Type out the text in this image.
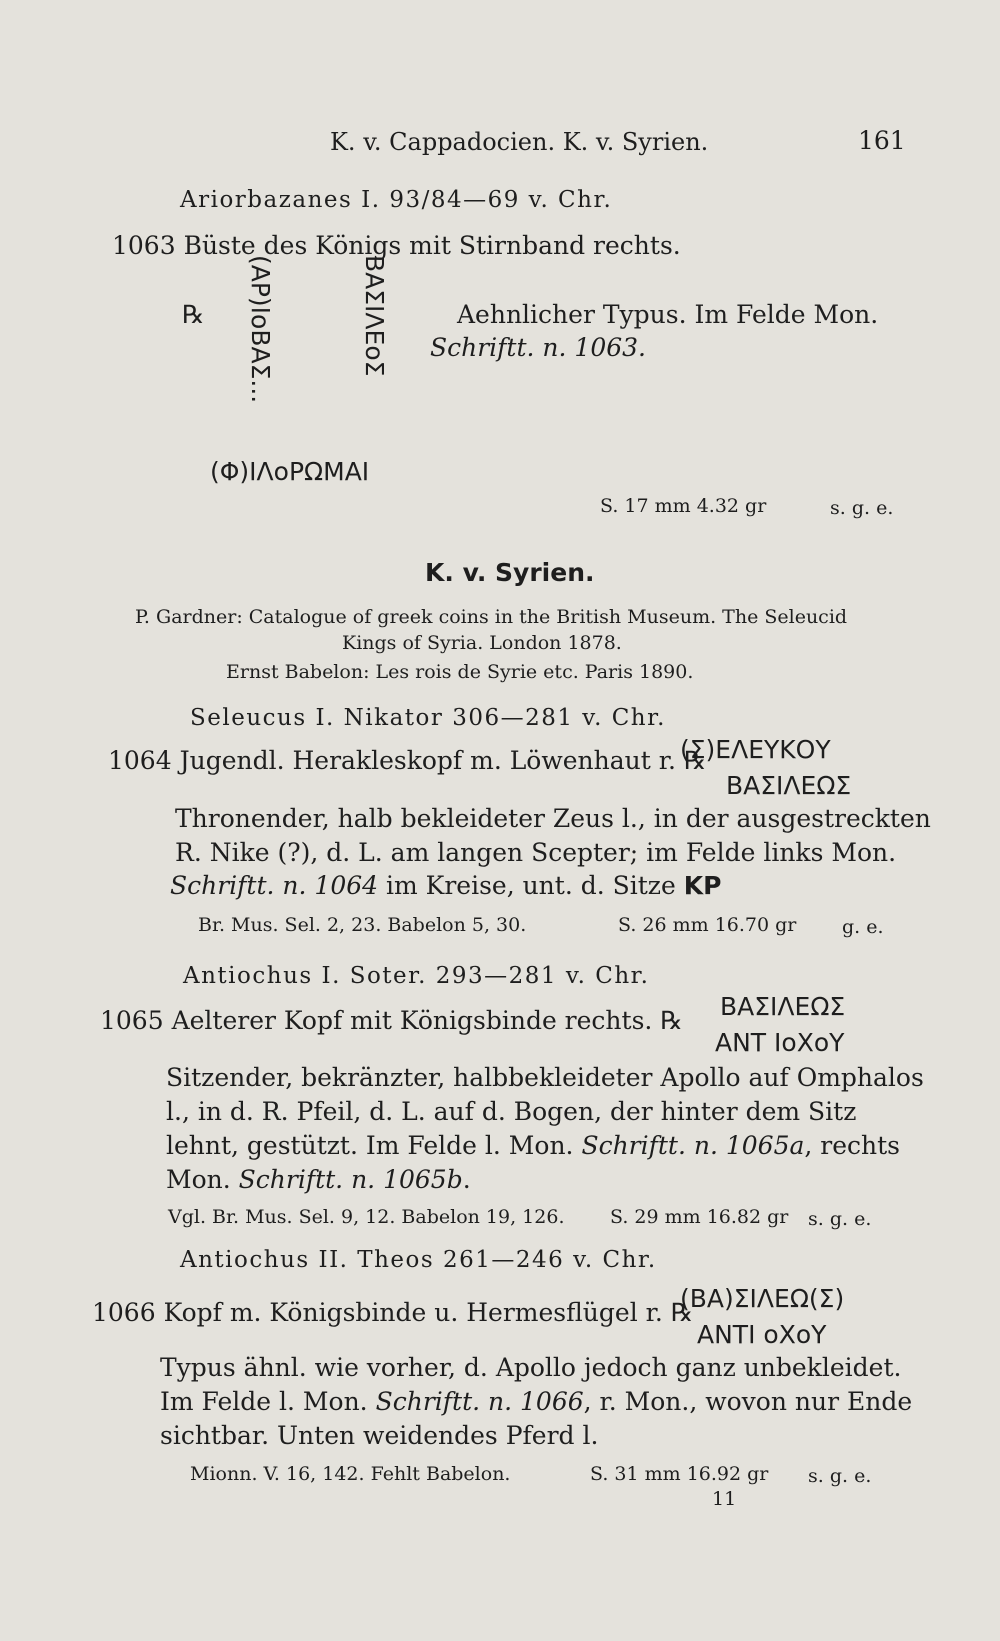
K. v. Cappadocien. K. v. Syrien.	161
Ariorbazanes I. 93/84—69 v. Chr.
1063 Büste des Königs mit Stirnband rechts.
℞ (ΑΡ)ΙοΒΑΣ...	ΒΑΣΙΛΕoΣ
(Φ)ΙΛoΡΩΜΑΙ
Aehnlicher Typus. Im Felde Mon.
Schriftt. n. 1063.
S. 17 mm 4.32 gr	s. g. e.
K. v. Syrien.
P. Gardner: Catalogue of greek coins in the British Museum. The Seleucid
Kings of Syria. London 1878.
Ernst Babelon: Les rois de Syrie etc. Paris 1890.
Seleucus I. Nikator 306—281 v. Chr.
1064 Jugendl. Herakleskopf m. Löwenhaut r. ℞
(Σ)ΕΛΕΥΚΟΥ
ΒΑΣΙΛΕΩΣ
Thronender, halb bekleideter Zeus l., in der ausgestreckten
R. Nike (?), d. L. am langen Scepter; im Felde links Mon.
Schriftt. n. 1064 im Kreise, unt. d. Sitze ΚΡ
Br. Mus. Sel. 2, 23. Babelon 5, 30.	S. 26 mm 16.70 gr g. e.
Antiochus I. Soter. 293—281 v. Chr.
1065 Aelterer Kopf mit Königsbinde rechts. ℞ ΒΑΣΙΛΕΩΣ
ΑΝΤ ΙoΧoΥ
Sitzender, bekränzter, halbbekleideter Apollo auf Omphalos
l., in d. R. Pfeil, d. L. auf d. Bogen, der hinter dem Sitz
lehnt, gestützt. Im Felde l. Mon. Schriftt. n. 1065a, rechts
Mon. Schriftt. n. 1065b.
Vgl. Br. Mus. Sel. 9, 12. Babelon 19, 126. S. 29 mm 16.82 gr s. g. e.
Antiochus II. Theos 261—246 v. Chr.
1066 Kopf m. Königsbinde u. Hermesflügel r. ℞
(ΒΑ)ΣΙΛΕΩ(Σ)
ΑΝΤΙ oΧoΥ
Typus ähnl. wie vorher, d. Apollo jedoch ganz unbekleidet.
Im Felde l. Mon. Schriftt. n. 1066, r. Mon., wovon nur Ende
sichtbar. Unten weidendes Pferd l.
Mionn. V. 16, 142. Fehlt Babelon.	S. 31 mm 16.92 gr s. g. e.
11
